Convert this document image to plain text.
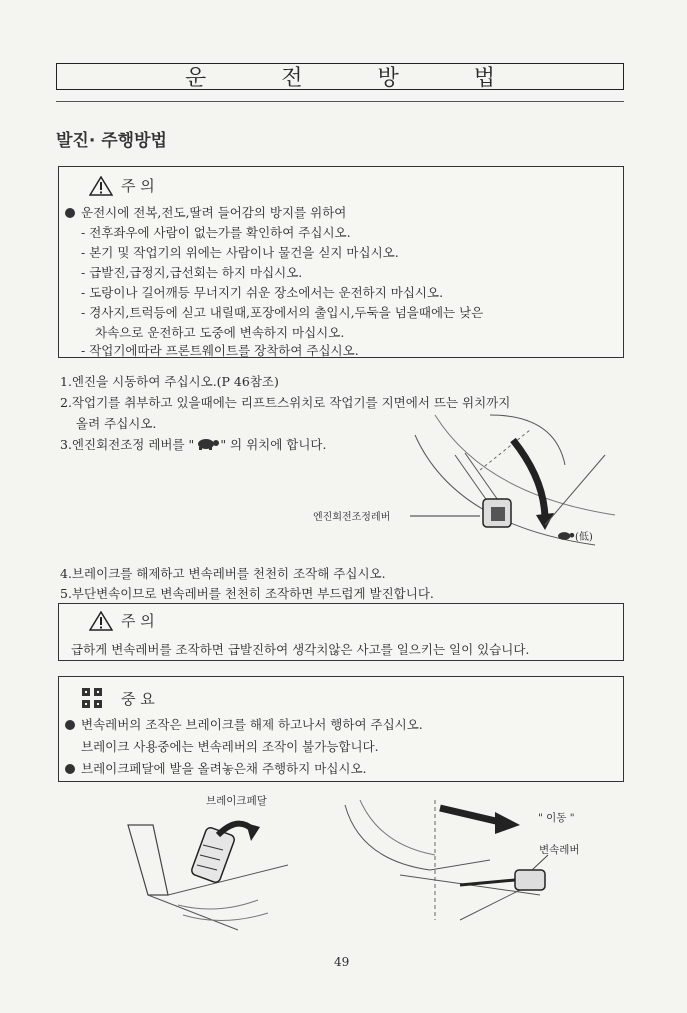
운 전 방 법
발진· 주행방법
주 의
운전시에 전복,전도,딸려 들어감의 방지를 위하여
- 전후좌우에 사람이 없는가를 확인하여 주십시오.
- 본기 및 작업기의 위에는 사람이나 물건을 싣지 마십시오.
- 급발진,급정지,급선회는 하지 마십시오.
- 도랑이나 길어깨등 무너지기 쉬운 장소에서는 운전하지 마십시오.
- 경사지,트럭등에 싣고 내릴때,포장에서의 출입시,두둑을 넘을때에는 낮은
차속으로 운전하고 도중에 변속하지 마십시오.
- 작업기에따라 프론트웨이트를 장착하여 주십시오.
1.엔진을 시동하여 주십시오.(P 46참조)
2.작업기를 취부하고 있을때에는 리프트스위치로 작업기를 지면에서 뜨는 위치까지
올려 주십시오.
3.엔진회전조정 레버를 " " 의 위치에 합니다.
엔진회전조정레버
(低)
4.브레이크를 해제하고 변속레버를 천천히 조작해 주십시오.
5.부단변속이므로 변속레버를 천천히 조작하면 부드럽게 발진합니다.
주 의
급하게 변속레버를 조작하면 급발진하여 생각치않은 사고를 일으키는 일이 있습니다.
중 요
변속레버의 조작은 브레이크를 해제 하고나서 행하여 주십시오.
브레이크 사용중에는 변속레버의 조작이 불가능합니다.
브레이크페달에 발을 올려놓은채 주행하지 마십시오.
브레이크페달
" 이동 "
변속레버
49
